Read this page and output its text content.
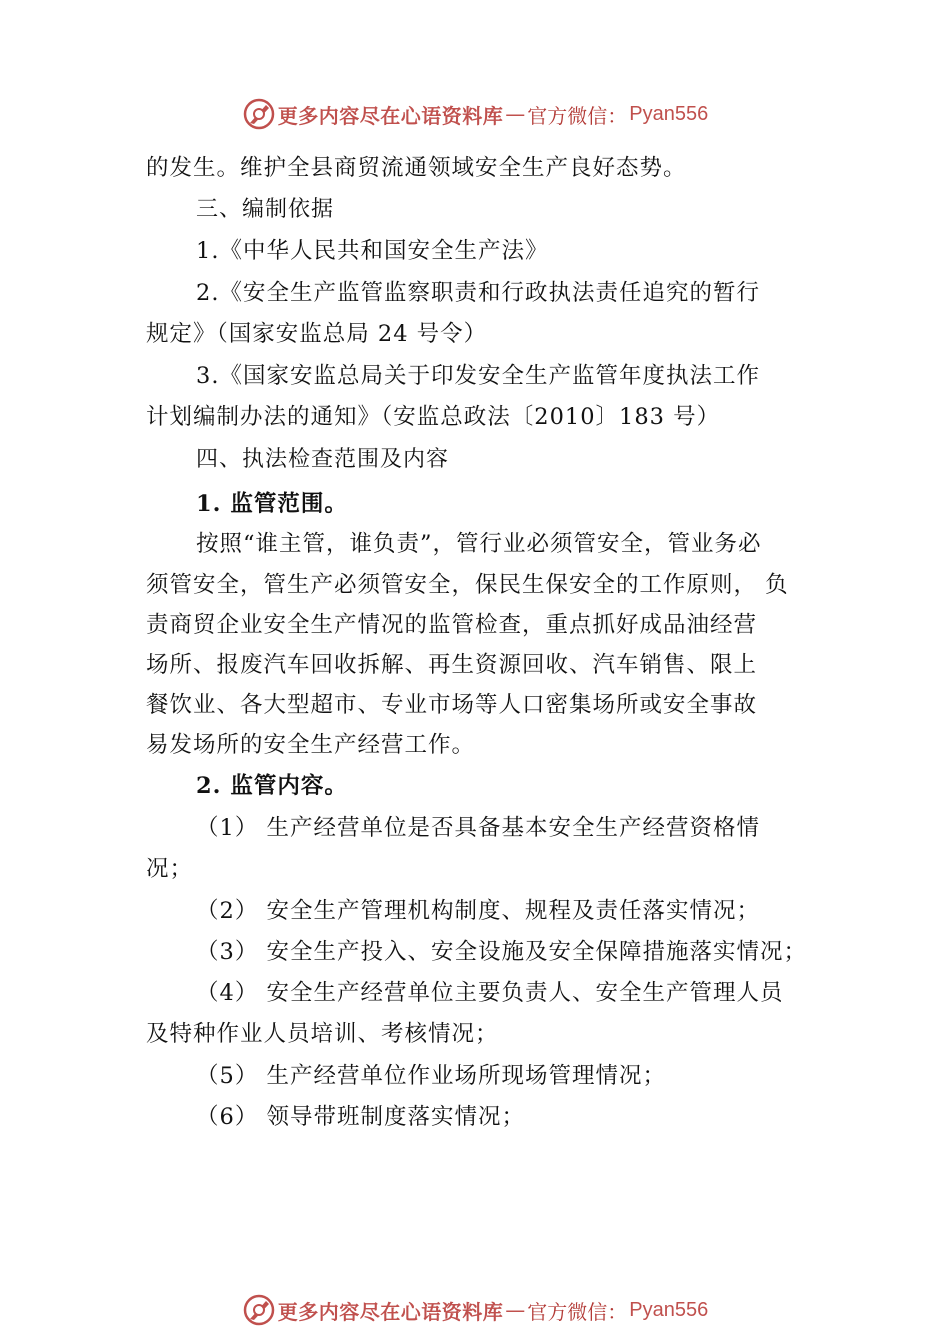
更多内容尽在心语资料库 — 官方微信： Pyan556
的发生。维护全县商贸流通领域安全生产良好态势。
三、编制依据
1.《中华人民共和国安全生产法》
2.《安全生产监管监察职责和行政执法责任追究的暂行
规定》（国家安监总局 24 号令）
3.《国家安监总局关于印发安全生产监管年度执法工作
计划编制办法的通知》（安监总政法〔2010〕183 号）
四、执法检查范围及内容
1. 监管范围。
按照“谁主管，谁负责”，管行业必须管安全，管业务必
须管安全，管生产必须管安全，保民生保安全的工作原则， 负
责商贸企业安全生产情况的监管检查，重点抓好成品油经营
场所、报废汽车回收拆解、再生资源回收、汽车销售、限上
餐饮业、各大型超市、专业市场等人口密集场所或安全事故
易发场所的安全生产经营工作。
2. 监管内容。
（1） 生产经营单位是否具备基本安全生产经营资格情
况；
（2） 安全生产管理机构制度、规程及责任落实情况；
（3） 安全生产投入、安全设施及安全保障措施落实情况；
（4） 安全生产经营单位主要负责人、安全生产管理人员
及特种作业人员培训、考核情况；
（5） 生产经营单位作业场所现场管理情况；
（6） 领导带班制度落实情况；
更多内容尽在心语资料库 — 官方微信： Pyan556
